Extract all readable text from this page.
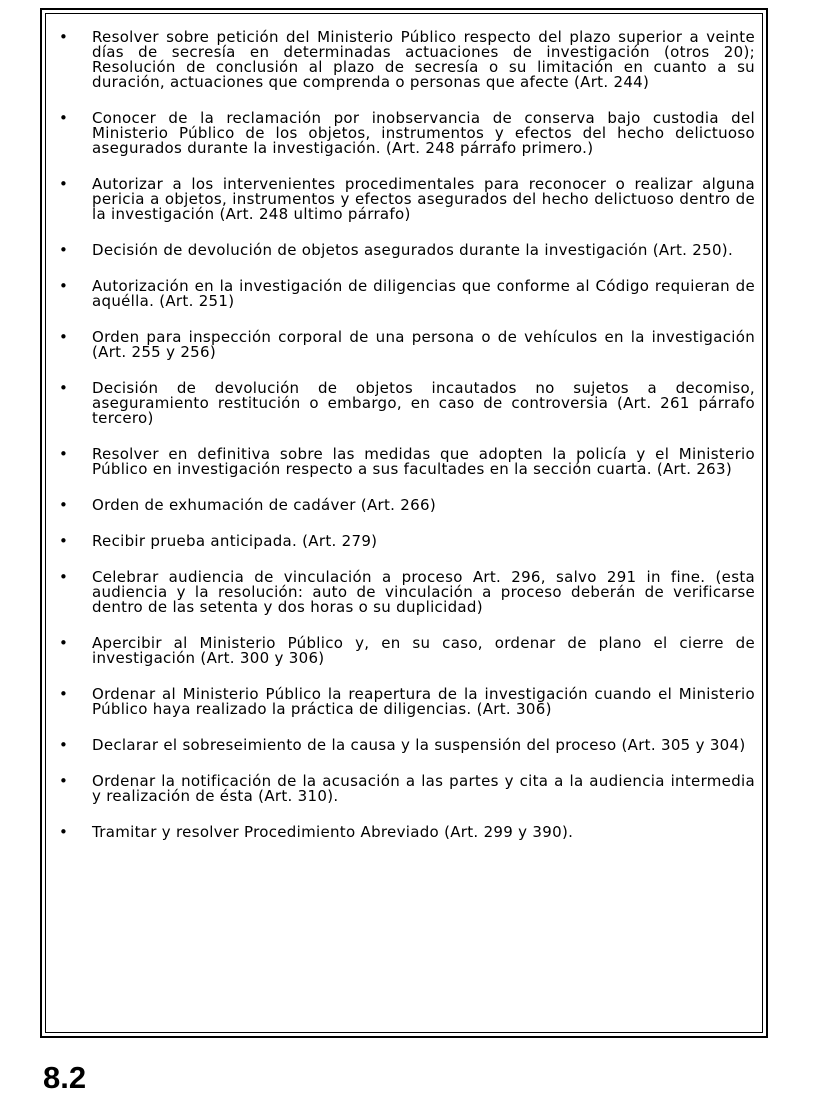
• Resolver sobre petición del Ministerio Público respecto del plazo superior a veinte días de secresía en determinadas actuaciones de investigación (otros 20); Resolución de conclusión al plazo de secresía o su limitación en cuanto a su duración, actuaciones que comprenda o personas que afecte (Art. 244)
• Conocer de la reclamación por inobservancia de conserva bajo custodia del Ministerio Público de los objetos, instrumentos y efectos del hecho delictuoso asegurados durante la investigación. (Art. 248 párrafo primero.)
• Autorizar a los intervenientes procedimentales para reconocer o realizar alguna pericia a objetos, instrumentos y efectos asegurados del hecho delictuoso dentro de la investigación (Art. 248 ultimo párrafo)
• Decisión de devolución de objetos asegurados durante la investigación (Art. 250).
• Autorización en la investigación de diligencias que conforme al Código requieran de aquélla. (Art. 251)
• Orden para inspección corporal de una persona o de vehículos en la investigación (Art. 255 y 256)
• Decisión de devolución de objetos incautados no sujetos a decomiso, aseguramiento restitución o embargo, en caso de controversia (Art. 261 párrafo tercero)
• Resolver en definitiva sobre las medidas que adopten la policía y el Ministerio Público en investigación respecto a sus facultades en la sección cuarta. (Art. 263)
• Orden de exhumación de cadáver (Art. 266)
• Recibir prueba anticipada. (Art. 279)
• Celebrar audiencia de vinculación a proceso Art. 296, salvo 291 in fine. (esta audiencia y la resolución: auto de vinculación a proceso deberán de verificarse dentro de las setenta y dos horas o su duplicidad)
• Apercibir al Ministerio Público y, en su caso, ordenar de plano el cierre de investigación (Art. 300 y 306)
• Ordenar al Ministerio Público la reapertura de la investigación cuando el Ministerio Público haya realizado la práctica de diligencias. (Art. 306)
• Declarar el sobreseimiento de la causa y la suspensión del proceso (Art. 305 y 304)
• Ordenar la notificación de la acusación a las partes y cita a la audiencia intermedia y realización de ésta (Art. 310).
• Tramitar y resolver Procedimiento Abreviado (Art. 299 y 390).
8.2
